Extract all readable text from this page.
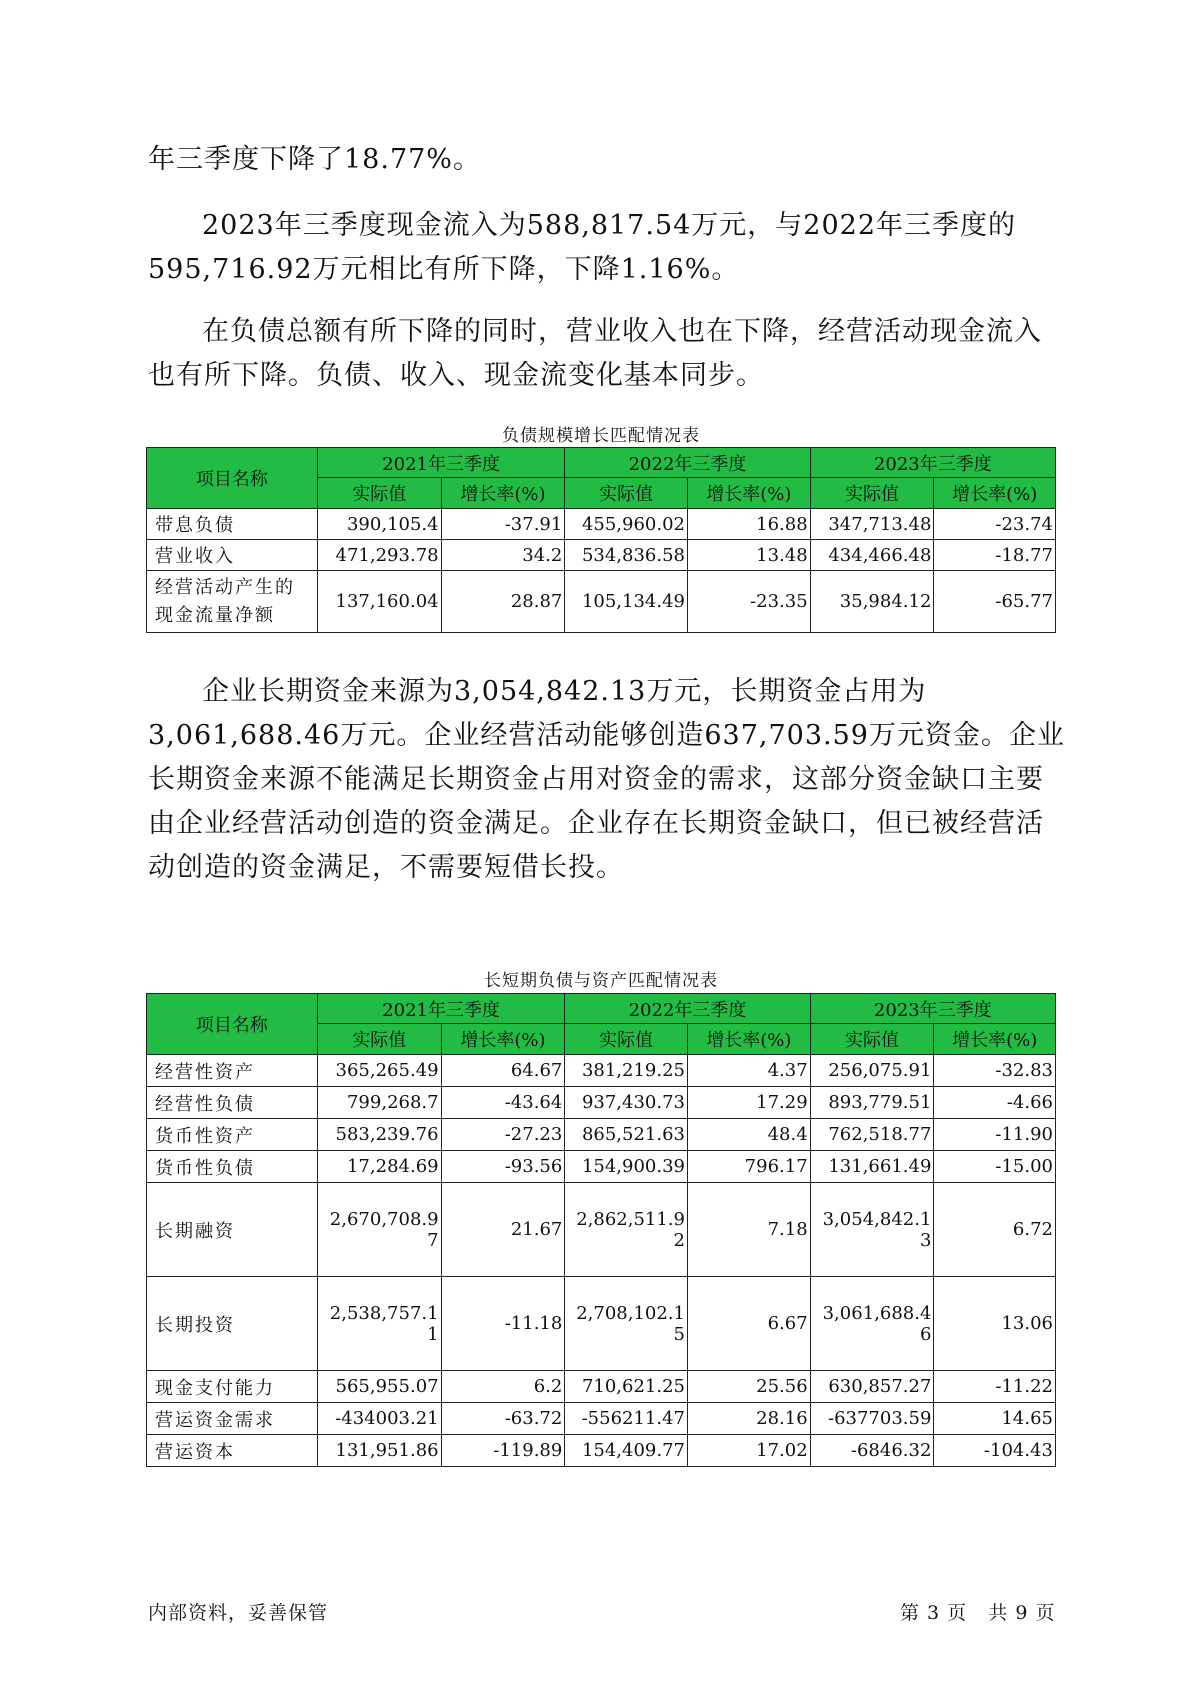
年三季度下降了18.77%。

2023年三季度现金流入为588,817.54万元，与2022年三季度的595,716.92万元相比有所下降，下降1.16%。

在负债总额有所下降的同时，营业收入也在下降，经营活动现金流入也有所下降。负债、收入、现金流变化基本同步。

负债规模增长匹配情况表
项目名称	2021年三季度		2022年三季度		2023年三季度	
	实际值	增长率(%)	实际值	增长率(%)	实际值	增长率(%)
带息负债	390,105.4	-37.91	455,960.02	16.88	347,713.48	-23.74
营业收入	471,293.78	34.2	534,836.58	13.48	434,466.48	-18.77
经营活动产生的现金流量净额	137,160.04	28.87	105,134.49	-23.35	35,984.12	-65.77

企业长期资金来源为3,054,842.13万元，长期资金占用为3,061,688.46万元。企业经营活动能够创造637,703.59万元资金。企业长期资金来源不能满足长期资金占用对资金的需求，这部分资金缺口主要由企业经营活动创造的资金满足。企业存在长期资金缺口，但已被经营活动创造的资金满足，不需要短借长投。

长短期负债与资产匹配情况表
项目名称	2021年三季度		2022年三季度		2023年三季度	
	实际值	增长率(%)	实际值	增长率(%)	实际值	增长率(%)
经营性资产	365,265.49	64.67	381,219.25	4.37	256,075.91	-32.83
经营性负债	799,268.7	-43.64	937,430.73	17.29	893,779.51	-4.66
货币性资产	583,239.76	-27.23	865,521.63	48.4	762,518.77	-11.90
货币性负债	17,284.69	-93.56	154,900.39	796.17	131,661.49	-15.00
长期融资	2,670,708.97	21.67	2,862,511.92	7.18	3,054,842.13	6.72
长期投资	2,538,757.11	-11.18	2,708,102.15	6.67	3,061,688.46	13.06
现金支付能力	565,955.07	6.2	710,621.25	25.56	630,857.27	-11.22
营运资金需求	-434003.21	-63.72	-556211.47	28.16	-637703.59	14.65
营运资本	131,951.86	-119.89	154,409.77	17.02	-6846.32	-104.43
内部资料，妥善保管	第 3 页   共 9 页
